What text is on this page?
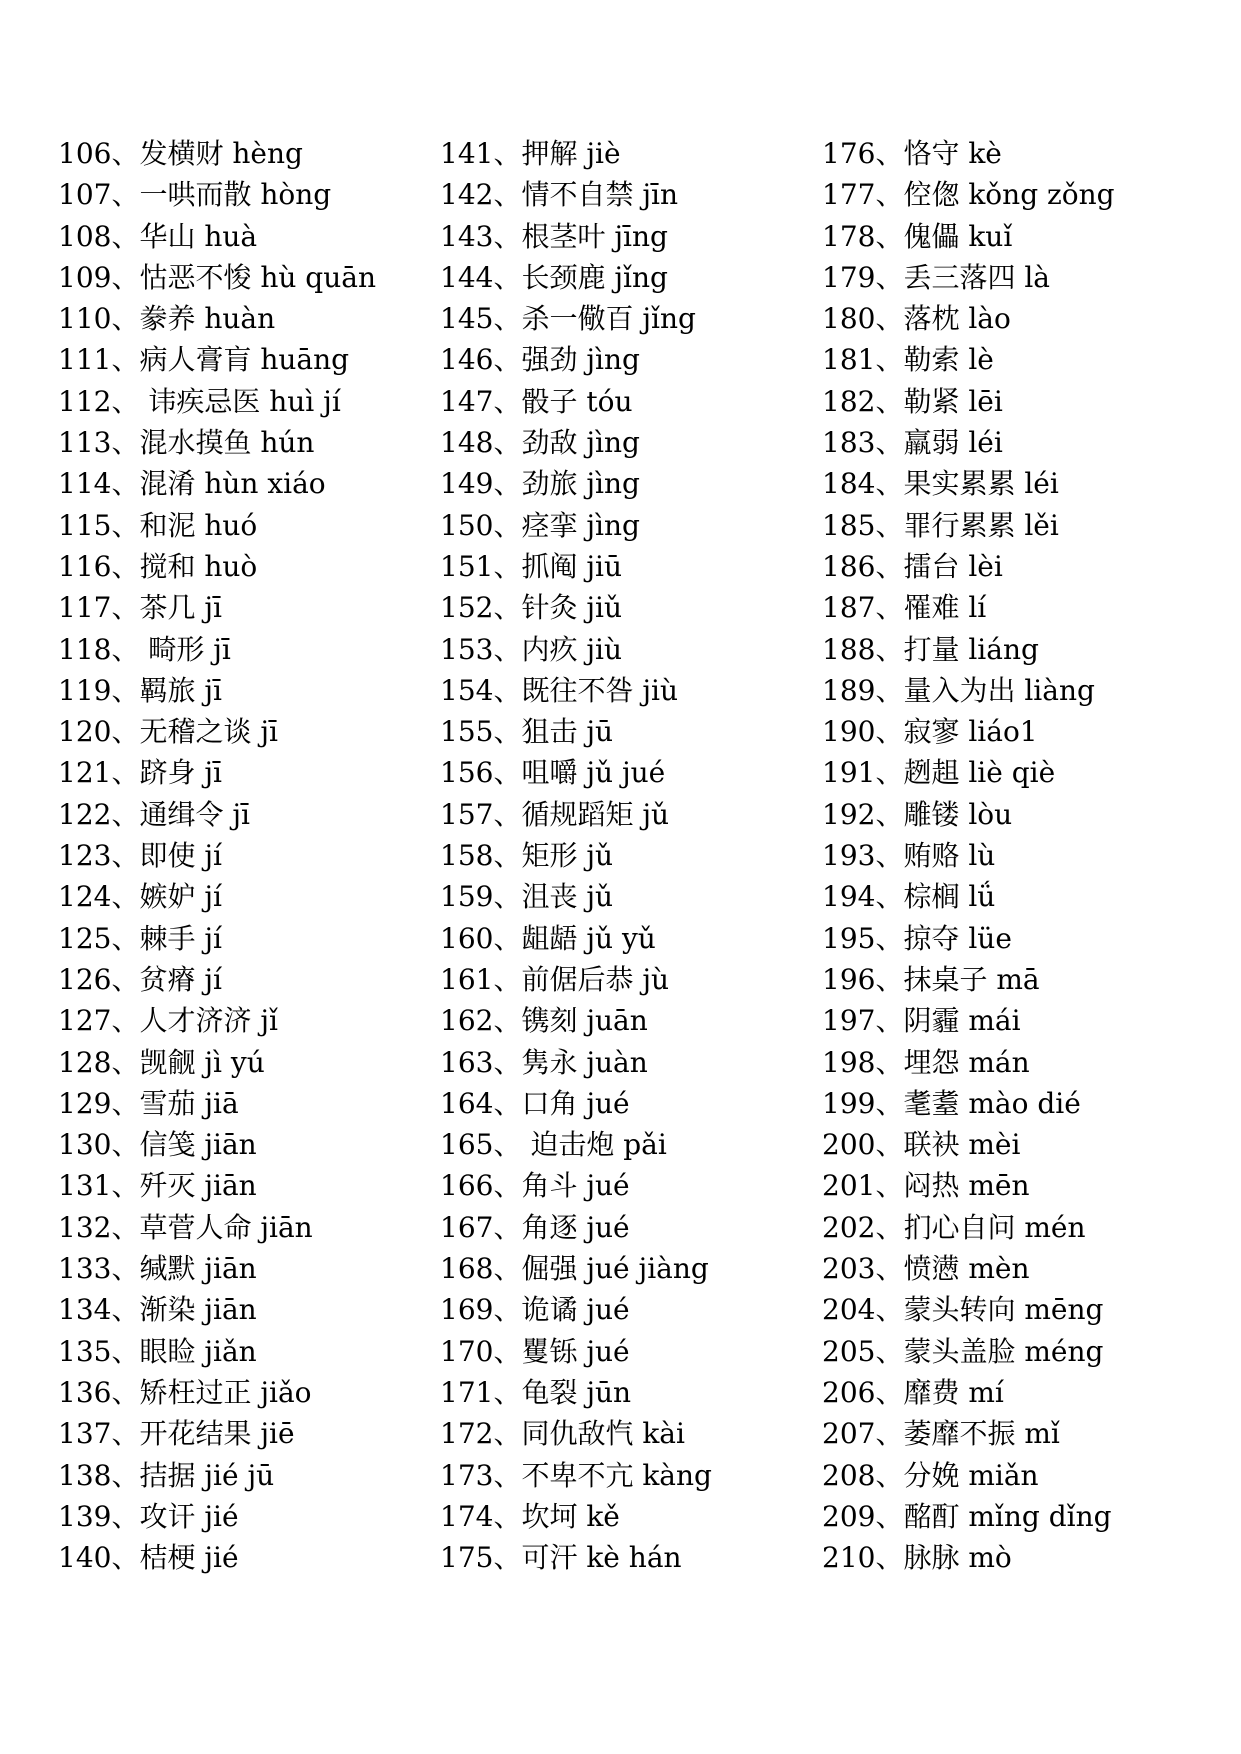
106、发横财 hèng
107、一哄而散 hòng
108、华山 huà
109、怙恶不悛 hù quān
110、豢养 huàn
111、病人膏肓 huāng
112、 讳疾忌医 huì jí
113、混水摸鱼 hún
114、混淆 hùn xiáo
115、和泥 huó
116、搅和 huò
117、茶几 jī
118、 畸形 jī
119、羁旅 jī
120、无稽之谈 jī
121、跻身 jī
122、通缉令 jī
123、即使 jí
124、嫉妒 jí
125、棘手 jí
126、贫瘠 jí
127、人才济济 jǐ
128、觊觎 jì yú
129、雪茄 jiā
130、信笺 jiān
131、歼灭 jiān
132、草菅人命 jiān
133、缄默 jiān
134、渐染 jiān
135、眼睑 jiǎn
136、矫枉过正 jiǎo
137、开花结果 jiē
138、拮据 jié jū
139、攻讦 jié
140、桔梗 jié
141、押解 jiè
142、情不自禁 jīn
143、根茎叶 jīng
144、长颈鹿 jǐng
145、杀一儆百 jǐng
146、强劲 jìng
147、骰子 tóu
148、劲敌 jìng
149、劲旅 jìng
150、痉挛 jìng
151、抓阄 jiū
152、针灸 jiǔ
153、内疚 jiù
154、既往不咎 jiù
155、狙击 jū
156、咀嚼 jǔ jué
157、循规蹈矩 jǔ
158、矩形 jǔ
159、沮丧 jǔ
160、龃龉 jǔ yǔ
161、前倨后恭 jù
162、镌刻 juān
163、隽永 juàn
164、口角 jué
165、 迫击炮 pǎi
166、角斗 jué
167、角逐 jué
168、倔强 jué jiàng
169、诡谲 jué
170、矍铄 jué
171、龟裂 jūn
172、同仇敌忾 kài
173、不卑不亢 kàng
174、坎坷 kě
175、可汗 kè hán
176、恪守 kè
177、倥偬 kǒng zǒng
178、傀儡 kuǐ
179、丢三落四 là
180、落枕 lào
181、勒索 lè
182、勒紧 lēi
183、羸弱 léi
184、果实累累 léi
185、罪行累累 lěi
186、擂台 lèi
187、罹难 lí
188、打量 liáng
189、量入为出 liàng
190、寂寥 liáo1
191、趔趄 liè qiè
192、雕镂 lòu
193、贿赂 lù
194、棕榈 lǘ
195、掠夺 lüe
196、抹桌子 mā
197、阴霾 mái
198、埋怨 mán
199、耄耋 mào dié
200、联袂 mèi
201、闷热 mēn
202、扪心自问 mén
203、愤懑 mèn
204、蒙头转向 mēng
205、蒙头盖脸 méng
206、靡费 mí
207、萎靡不振 mǐ
208、分娩 miǎn
209、酩酊 mǐng dǐng
210、脉脉 mò
